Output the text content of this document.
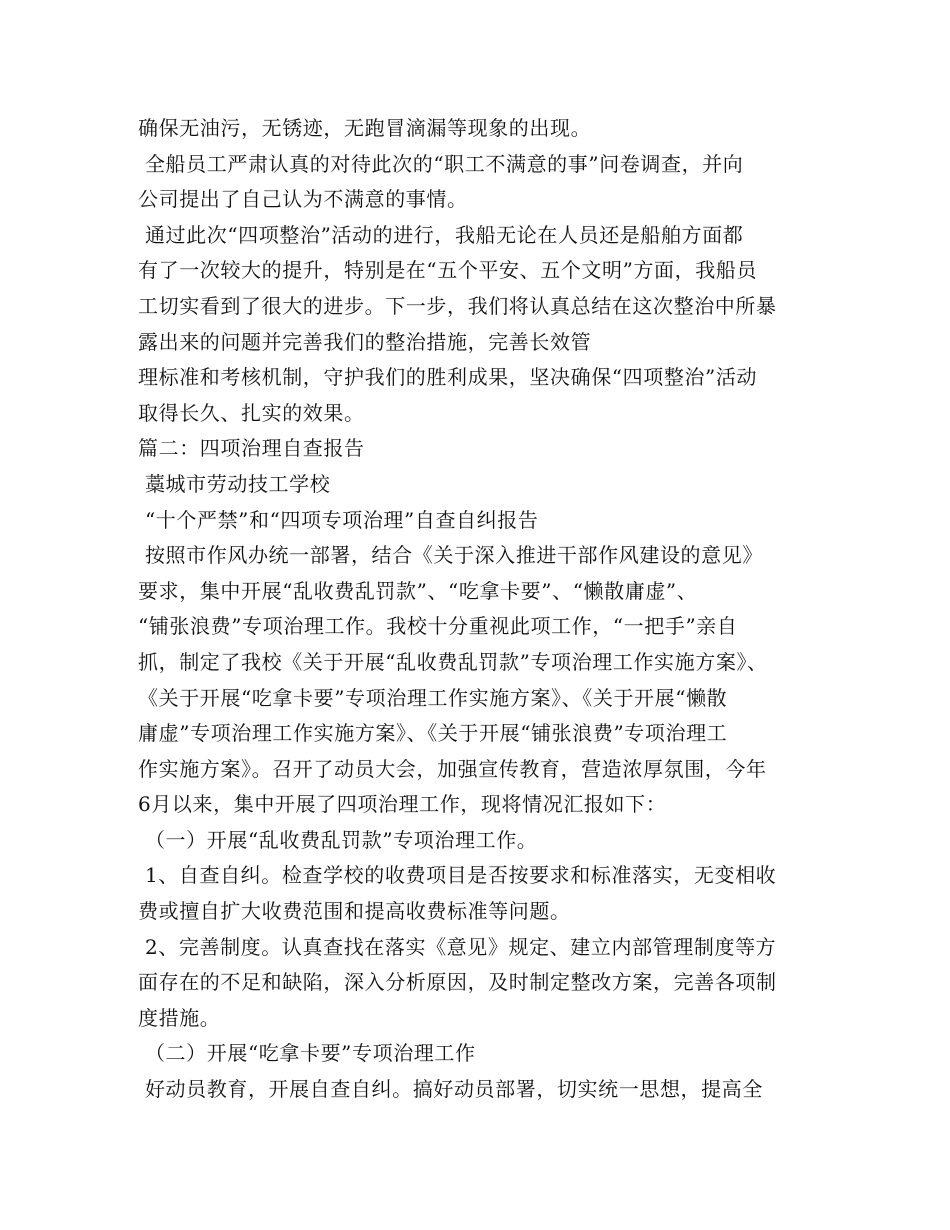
确保无油污，无锈迹，无跑冒滴漏等现象的出现。
全船员工严肃认真的对待此次的“职工不满意的事”问卷调查，并向
公司提出了自己认为不满意的事情。
通过此次“四项整治”活动的进行，我船无论在人员还是船舶方面都
有了一次较大的提升，特别是在“五个平安、五个文明”方面，我船员
工切实看到了很大的进步。下一步，我们将认真总结在这次整治中所暴
露出来的问题并完善我们的整治措施，完善长效管
理标准和考核机制，守护我们的胜利成果，坚决确保“四项整治”活动
取得长久、扎实的效果。
篇二：四项治理自查报告
藁城市劳动技工学校
“十个严禁”和“四项专项治理”自查自纠报告
按照市作风办统一部署，结合《关于深入推进干部作风建设的意见》
要求，集中开展“乱收费乱罚款”、“吃拿卡要”、“懒散庸虚”、
“铺张浪费”专项治理工作。我校十分重视此项工作，“一把手”亲自
抓，制定了我校《关于开展“乱收费乱罚款”专项治理工作实施方案》、
《关于开展“吃拿卡要”专项治理工作实施方案》、《关于开展“懒散
庸虚”专项治理工作实施方案》、《关于开展“铺张浪费”专项治理工
作实施方案》。召开了动员大会，加强宣传教育，营造浓厚氛围，今年
6月以来，集中开展了四项治理工作，现将情况汇报如下：
（一）开展“乱收费乱罚款”专项治理工作。
1、自查自纠。检查学校的收费项目是否按要求和标准落实，无变相收
费或擅自扩大收费范围和提高收费标准等问题。
2、完善制度。认真查找在落实《意见》规定、建立内部管理制度等方
面存在的不足和缺陷，深入分析原因，及时制定整改方案，完善各项制
度措施。
（二）开展“吃拿卡要”专项治理工作
好动员教育，开展自查自纠。搞好动员部署，切实统一思想，提高全
